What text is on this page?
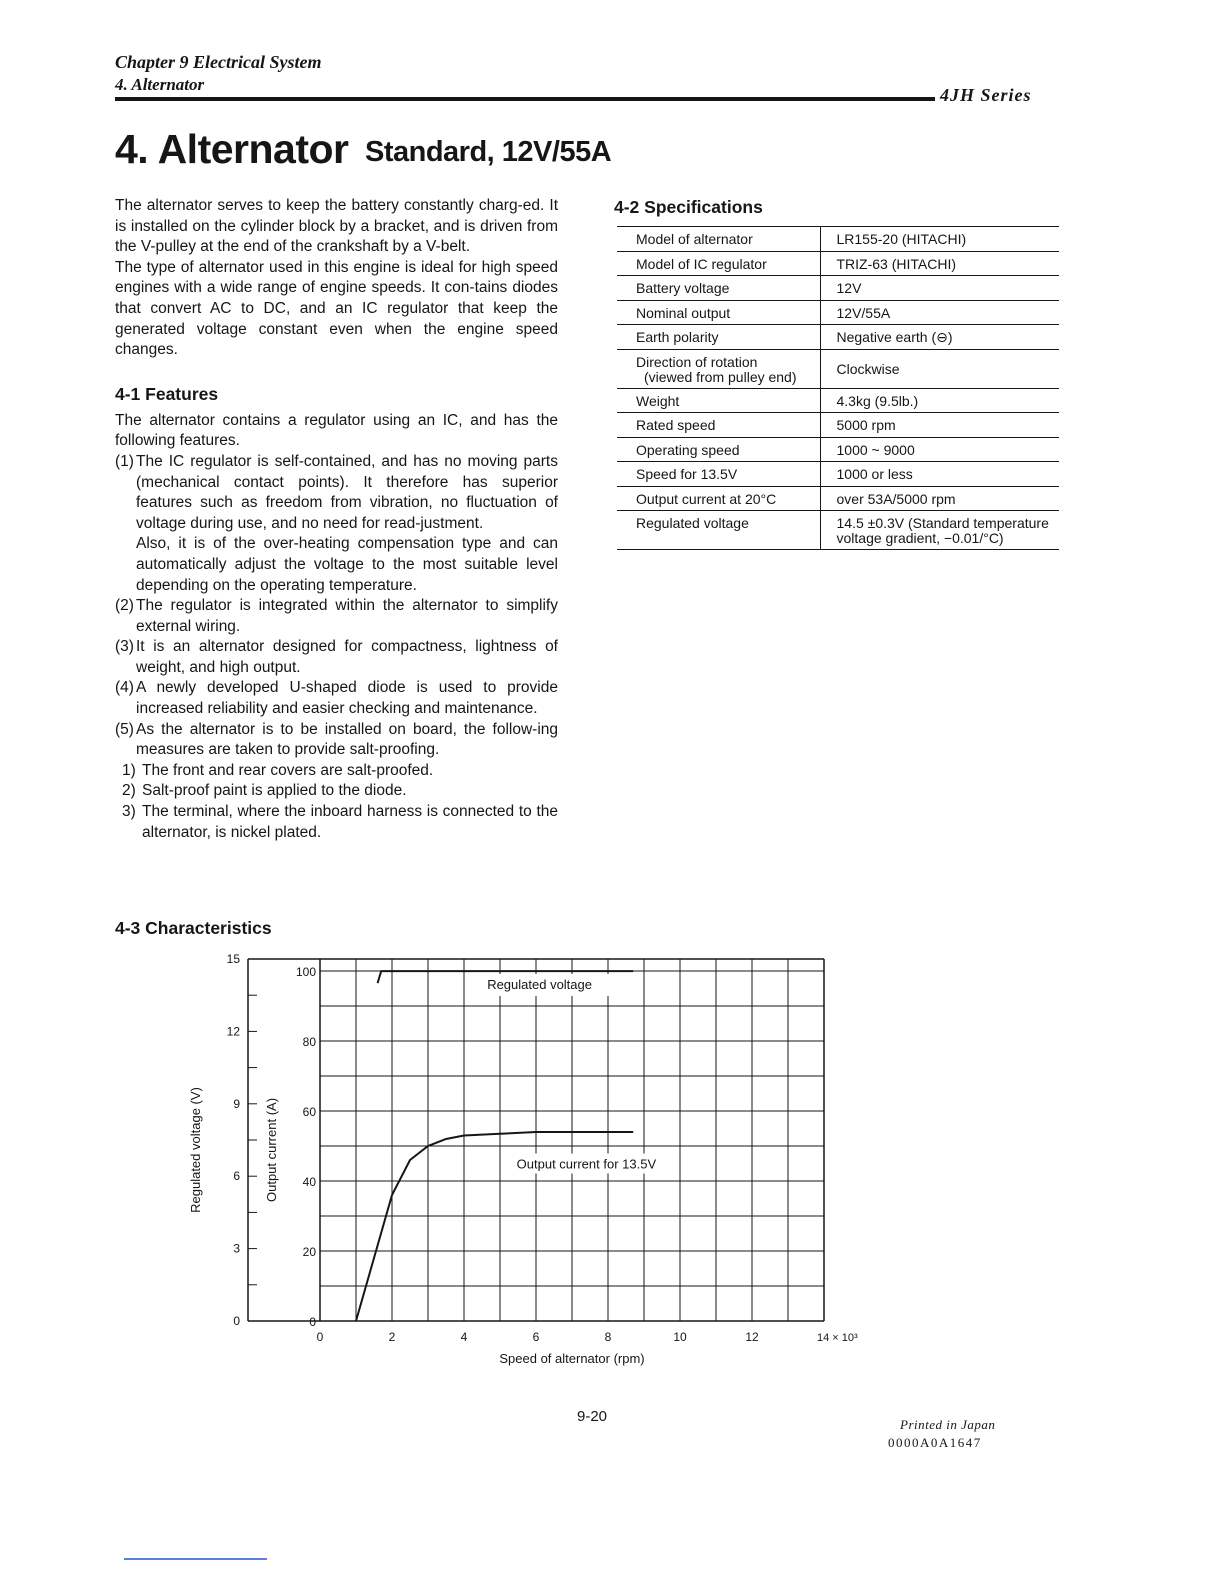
Chapter 9 Electrical System
4. Alternator
4JH Series
4. Alternator Standard, 12V/55A

The alternator serves to keep the battery constantly charg-ed. It is installed on the cylinder block by a bracket, and is driven from the V-pulley at the end of the crankshaft by a V-belt.

The type of alternator used in this engine is ideal for high speed engines with a wide range of engine speeds. It con-tains diodes that convert AC to DC, and an IC regulator that keep the generated voltage constant even when the engine speed changes.

4-1 Features

The alternator contains a regulator using an IC, and has the following features.

(1) The IC regulator is self-contained, and has no moving parts (mechanical contact points). It therefore has superior features such as freedom from vibration, no fluctuation of voltage during use, and no need for read-justment.

Also, it is of the over-heating compensation type and can automatically adjust the voltage to the most suitable level depending on the operating temperature.

(2) The regulator is integrated within the alternator to simplify external wiring.

(3) It is an alternator designed for compactness, lightness of weight, and high output.

(4) A newly developed U-shaped diode is used to provide increased reliability and easier checking and maintenance.

(5) As the alternator is to be installed on board, the follow-ing measures are taken to provide salt-proofing.

1) The front and rear covers are salt-proofed.

2) Salt-proof paint is applied to the diode.

3) The terminal, where the inboard harness is connected to the alternator, is nickel plated.

4-2 Specifications
Model of alternator	LR155-20 (HITACHI)
Model of IC regulator	TRIZ-63 (HITACHI)
Battery voltage	12V
Nominal output	12V/55A
Earth polarity	Negative earth (⊖)
Direction of rotation
(viewed from pulley end)	Clockwise
Weight	4.3kg (9.5lb.)
Rated speed	5000 rpm
Operating speed	1000 ~ 9000
Speed for 13.5V	1000 or less
Output current at 20°C	over 53A/5000 rpm
Regulated voltage	14.5 ±0.3V (Standard temperature
voltage gradient, −0.01/°C)
4-3 Characteristics
0
3
6
9
12
15
0
20
40
60
80
100
0	2	4	6	8	10	12
Regulated voltage
Output current for 13.5V
Regulated voltage (V)	Output current (A)
Speed of alternator (rpm)
14 × 10³
9-20	Printed in Japan
0000A0A1647
